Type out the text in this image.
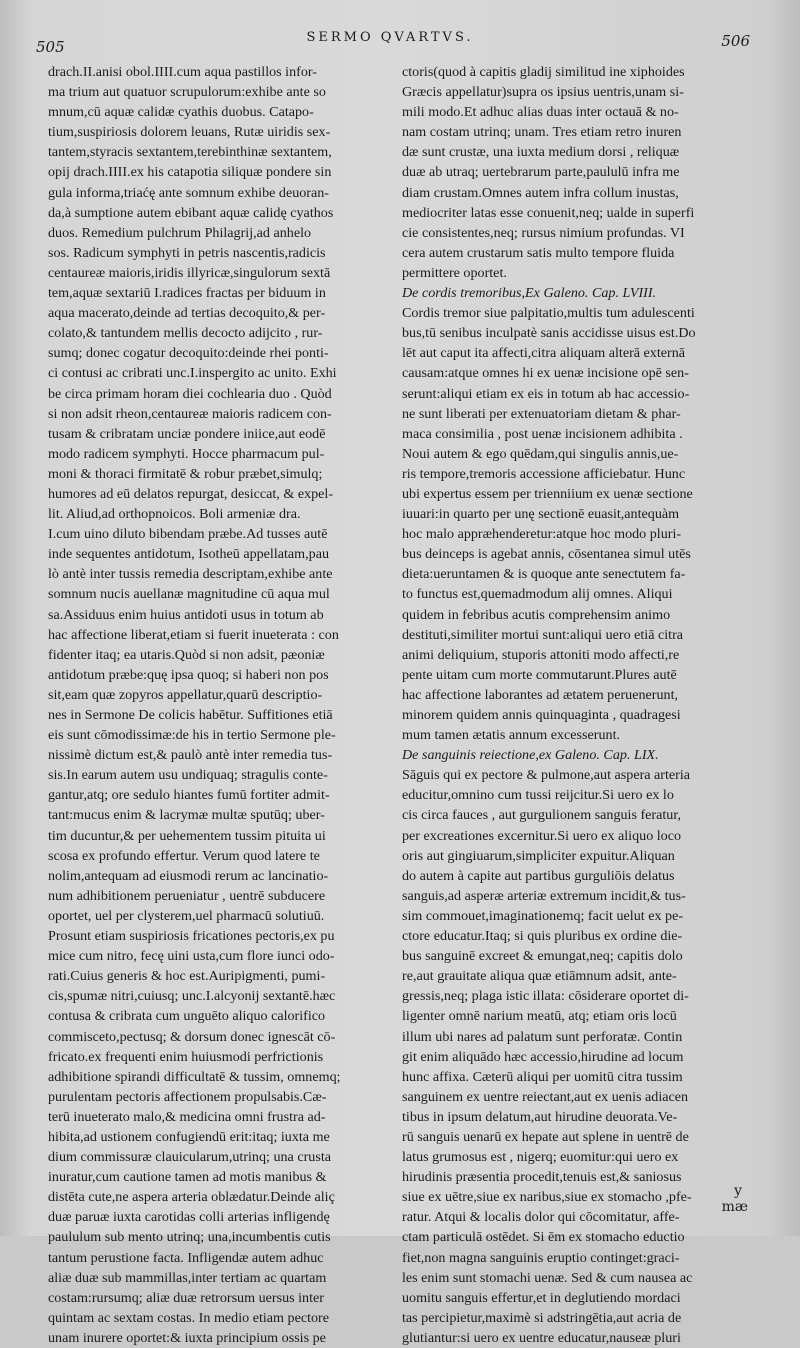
505
SERMO QVARTVS.	506
drach.II.anisi obol.IIII.cum aqua pastillos infor-
ma trium aut quatuor scrupulorum:exhibe ante so
mnum,cū aquæ calidæ cyathis duobus. Catapo-
tium,suspiriosis dolorem leuans, Rutæ uiridis sex-
tantem,styracis sextantem,terebinthinæ sextantem,
opij drach.IIII.ex his catapotia siliquæ pondere sin
gula informa,triaćę ante somnum exhibe deuoran-
da,à sumptione autem ebibant aquæ calidę cyathos
duos. Remedium pulchrum Philagrij,ad anhelo
sos. Radicum symphyti in petris nascentis,radicis
centaureæ maioris,iridis illyricæ,singulorum sextā
tem,aquæ sextariū I.radices fractas per biduum in
aqua macerato,deinde ad tertias decoquito,& per-
colato,& tantundem mellis decocto adijcito , rur-
sumq; donec cogatur decoquito:deinde rhei ponti-
ci contusi ac cribrati unc.I.inspergito ac unito. Exhi
be circa primam horam diei cochlearia duo . Quòd
si non adsit rheon,centaureæ maioris radicem con-
tusam & cribratam unciæ pondere iniice,aut eodē
modo radicem symphyti. Hocce pharmacum pul-
moni & thoraci firmitatē & robur præbet,simulq;
humores ad eū delatos repurgat, desiccat, & expel-
lit. Aliud,ad orthopnoicos. Boli armeniæ dra.
I.cum uino diluto bibendam præbe.Ad tusses autē
inde sequentes antidotum, Isotheū appellatam,pau
lò antè inter tussis remedia descriptam,exhibe ante
somnum nucis auellanæ magnitudine cū aqua mul
sa.Assiduus enim huius antidoti usus in totum ab
hac affectione liberat,etiam si fuerit inueterata : con
fidenter itaq; ea utaris.Quòd si non adsit, pæoniæ
antidotum præbe:quę ipsa quoq; si haberi non pos
sit,eam quæ zopyros appellatur,quarū descriptio-
nes in Sermone De colicis habētur. Suffitiones etiā
eis sunt cōmodissimæ:de his in tertio Sermone ple-
nissimè dictum est,& paulò antè inter remedia tus-
sis.In earum autem usu undiquaq; stragulis conte-
gantur,atq; ore sedulo hiantes fumū fortiter admit-
tant:mucus enim & lacrymæ multæ sputūq; uber-
tim ducuntur,& per uehementem tussim pituita ui
scosa ex profundo effertur. Verum quod latere te
nolim,antequam ad eiusmodi rerum ac lancinatio-
num adhibitionem perueniatur , uentrē subducere
oportet, uel per clysterem,uel pharmacū solutiuū.
Prosunt etiam suspiriosis fricationes pectoris,ex pu
mice cum nitro, fecę uini usta,cum flore iunci odo-
rati.Cuius generis & hoc est.Auripigmenti, pumi-
cis,spumæ nitri,cuiusq; unc.I.alcyonij sextantē.hæc
contusa & cribrata cum unguēto aliquo calorifico
commisceto,pectusq; & dorsum donec ignescāt cō-
fricato.ex frequenti enim huiusmodi perfrictionis
adhibitione spirandi difficultatē & tussim, omnemq;
purulentam pectoris affectionem propulsabis.Cæ-
terū inueterato malo,& medicina omni frustra ad-
hibita,ad ustionem confugiendū erit:itaq; iuxta me
dium commissuræ clauicularum,utrinq; una crusta
inuratur,cum cautione tamen ad motis manibus &
distēta cute,ne aspera arteria oblædatur.Deinde aliç
duæ paruæ iuxta carotidas colli arterias infligendę
paululum sub mento utrinq; una,incumbentis cutis
tantum perustione facta. Infligendæ autem adhuc
aliæ duæ sub mammillas,inter tertiam ac quartam
costam:rursumq; aliæ duæ retrorsum uersus inter
quintam ac sextam costas. In medio etiam pectore
unam inurere oportet:& iuxta principium ossis pe
ctoris(quod à capitis gladij similitud ine xiphoides
Græcis appellatur)supra os ipsius uentris,unam si-
mili modo.Et adhuc alias duas inter octauā & no-
nam costam utrinq; unam. Tres etiam retro inuren
dæ sunt crustæ, una iuxta medium dorsi , reliquæ
duæ ab utraq; uertebrarum parte,paululū infra me
diam crustam.Omnes autem infra collum inustas,
mediocriter latas esse conuenit,neq; ualde in superfi
cie consistentes,neq; rursus nimium profundas. VI
cera autem crustarum satis multo tempore fluida
permittere oportet.
De cordis tremoribus,Ex Galeno. Cap. LVIII.
Cordis tremor siue palpitatio,multis tum adulescenti
bus,tū senibus inculpatè sanis accidisse uisus est.Do
lēt aut caput ita affecti,citra aliquam alterā externā
causam:atque omnes hi ex uenæ incisione opē sen-
serunt:aliqui etiam ex eis in totum ab hac accessio-
ne sunt liberati per extenuatoriam dietam & phar-
maca consimilia , post uenæ incisionem adhibita .
Noui autem & ego quēdam,qui singulis annis,ue-
ris tempore,tremoris accessione afficiebatur. Hunc
ubi expertus essem per trienniium ex uenæ sectione
iuuari:in quarto per unę sectionē euasit,antequàm
hoc malo appræhenderetur:atque hoc modo pluri-
bus deinceps is agebat annis, cōsentanea simul utēs
dieta:ueruntamen & is quoque ante senectutem fa-
to functus est,quemadmodum alij omnes. Aliqui
quidem in febribus acutis comprehensim animo
destituti,similiter mortui sunt:aliqui uero etiā citra
animi deliquium, stuporis attoniti modo affecti,re
pente uitam cum morte commutarunt.Plures autē
hac affectione laborantes ad ætatem peruenerunt,
minorem quidem annis quinquaginta , quadragesi
mum tamen ætatis annum excesserunt.
De sanguinis reiectione,ex Galeno. Cap. LIX.
Sāguis qui ex pectore & pulmone,aut aspera arteria
educitur,omnino cum tussi reijcitur.Si uero ex lo
cis circa fauces , aut gurgulionem sanguis feratur,
per excreationes excernitur.Si uero ex aliquo loco
oris aut gingiuarum,simpliciter expuitur.Aliquan
do autem à capite aut partibus gurguliōis delatus
sanguis,ad asperæ arteriæ extremum incidit,& tus-
sim commouet,imaginationemq; facit uelut ex pe-
ctore educatur.Itaq; si quis pluribus ex ordine die-
bus sanguinē excreet & emungat,neq; capitis dolo
re,aut grauitate aliqua quæ etiāmnum adsit, ante-
gressis,neq; plaga istic illata: cōsiderare oportet di-
ligenter omnē narium meatū, atq; etiam oris locū
illum ubi nares ad palatum sunt perforatæ. Contin
git enim aliquādo hæc accessio,hirudine ad locum
hunc affixa. Cæterū aliqui per uomitū citra tussim
sanguinem ex uentre reiectant,aut ex uenis adiacen
tibus in ipsum delatum,aut hirudine deuorata.Ve-
rū sanguis uenarū ex hepate aut splene in uentrē de
latus grumosus est , nigerq; euomitur:qui uero ex
hirudinis præsentia procedit,tenuis est,& saniosus
siue ex uētre,siue ex naribus,siue ex stomacho ,pfe-
ratur. Atqui & localis dolor qui cōcomitatur, affe-
ctam particulā ostēdet. Si ēm ex stomacho eductio
fiet,non magna sanguinis eruptio continget:graci-
les enim sunt stomachi uenæ. Sed & cum nausea ac
uomitu sanguis effertur,et in deglutiendo mordaci
tas percipietur,maximè si adstringētia,aut acria de
glutiantur:si uero ex uentre educatur,nauseæ pluri
y
mæ
